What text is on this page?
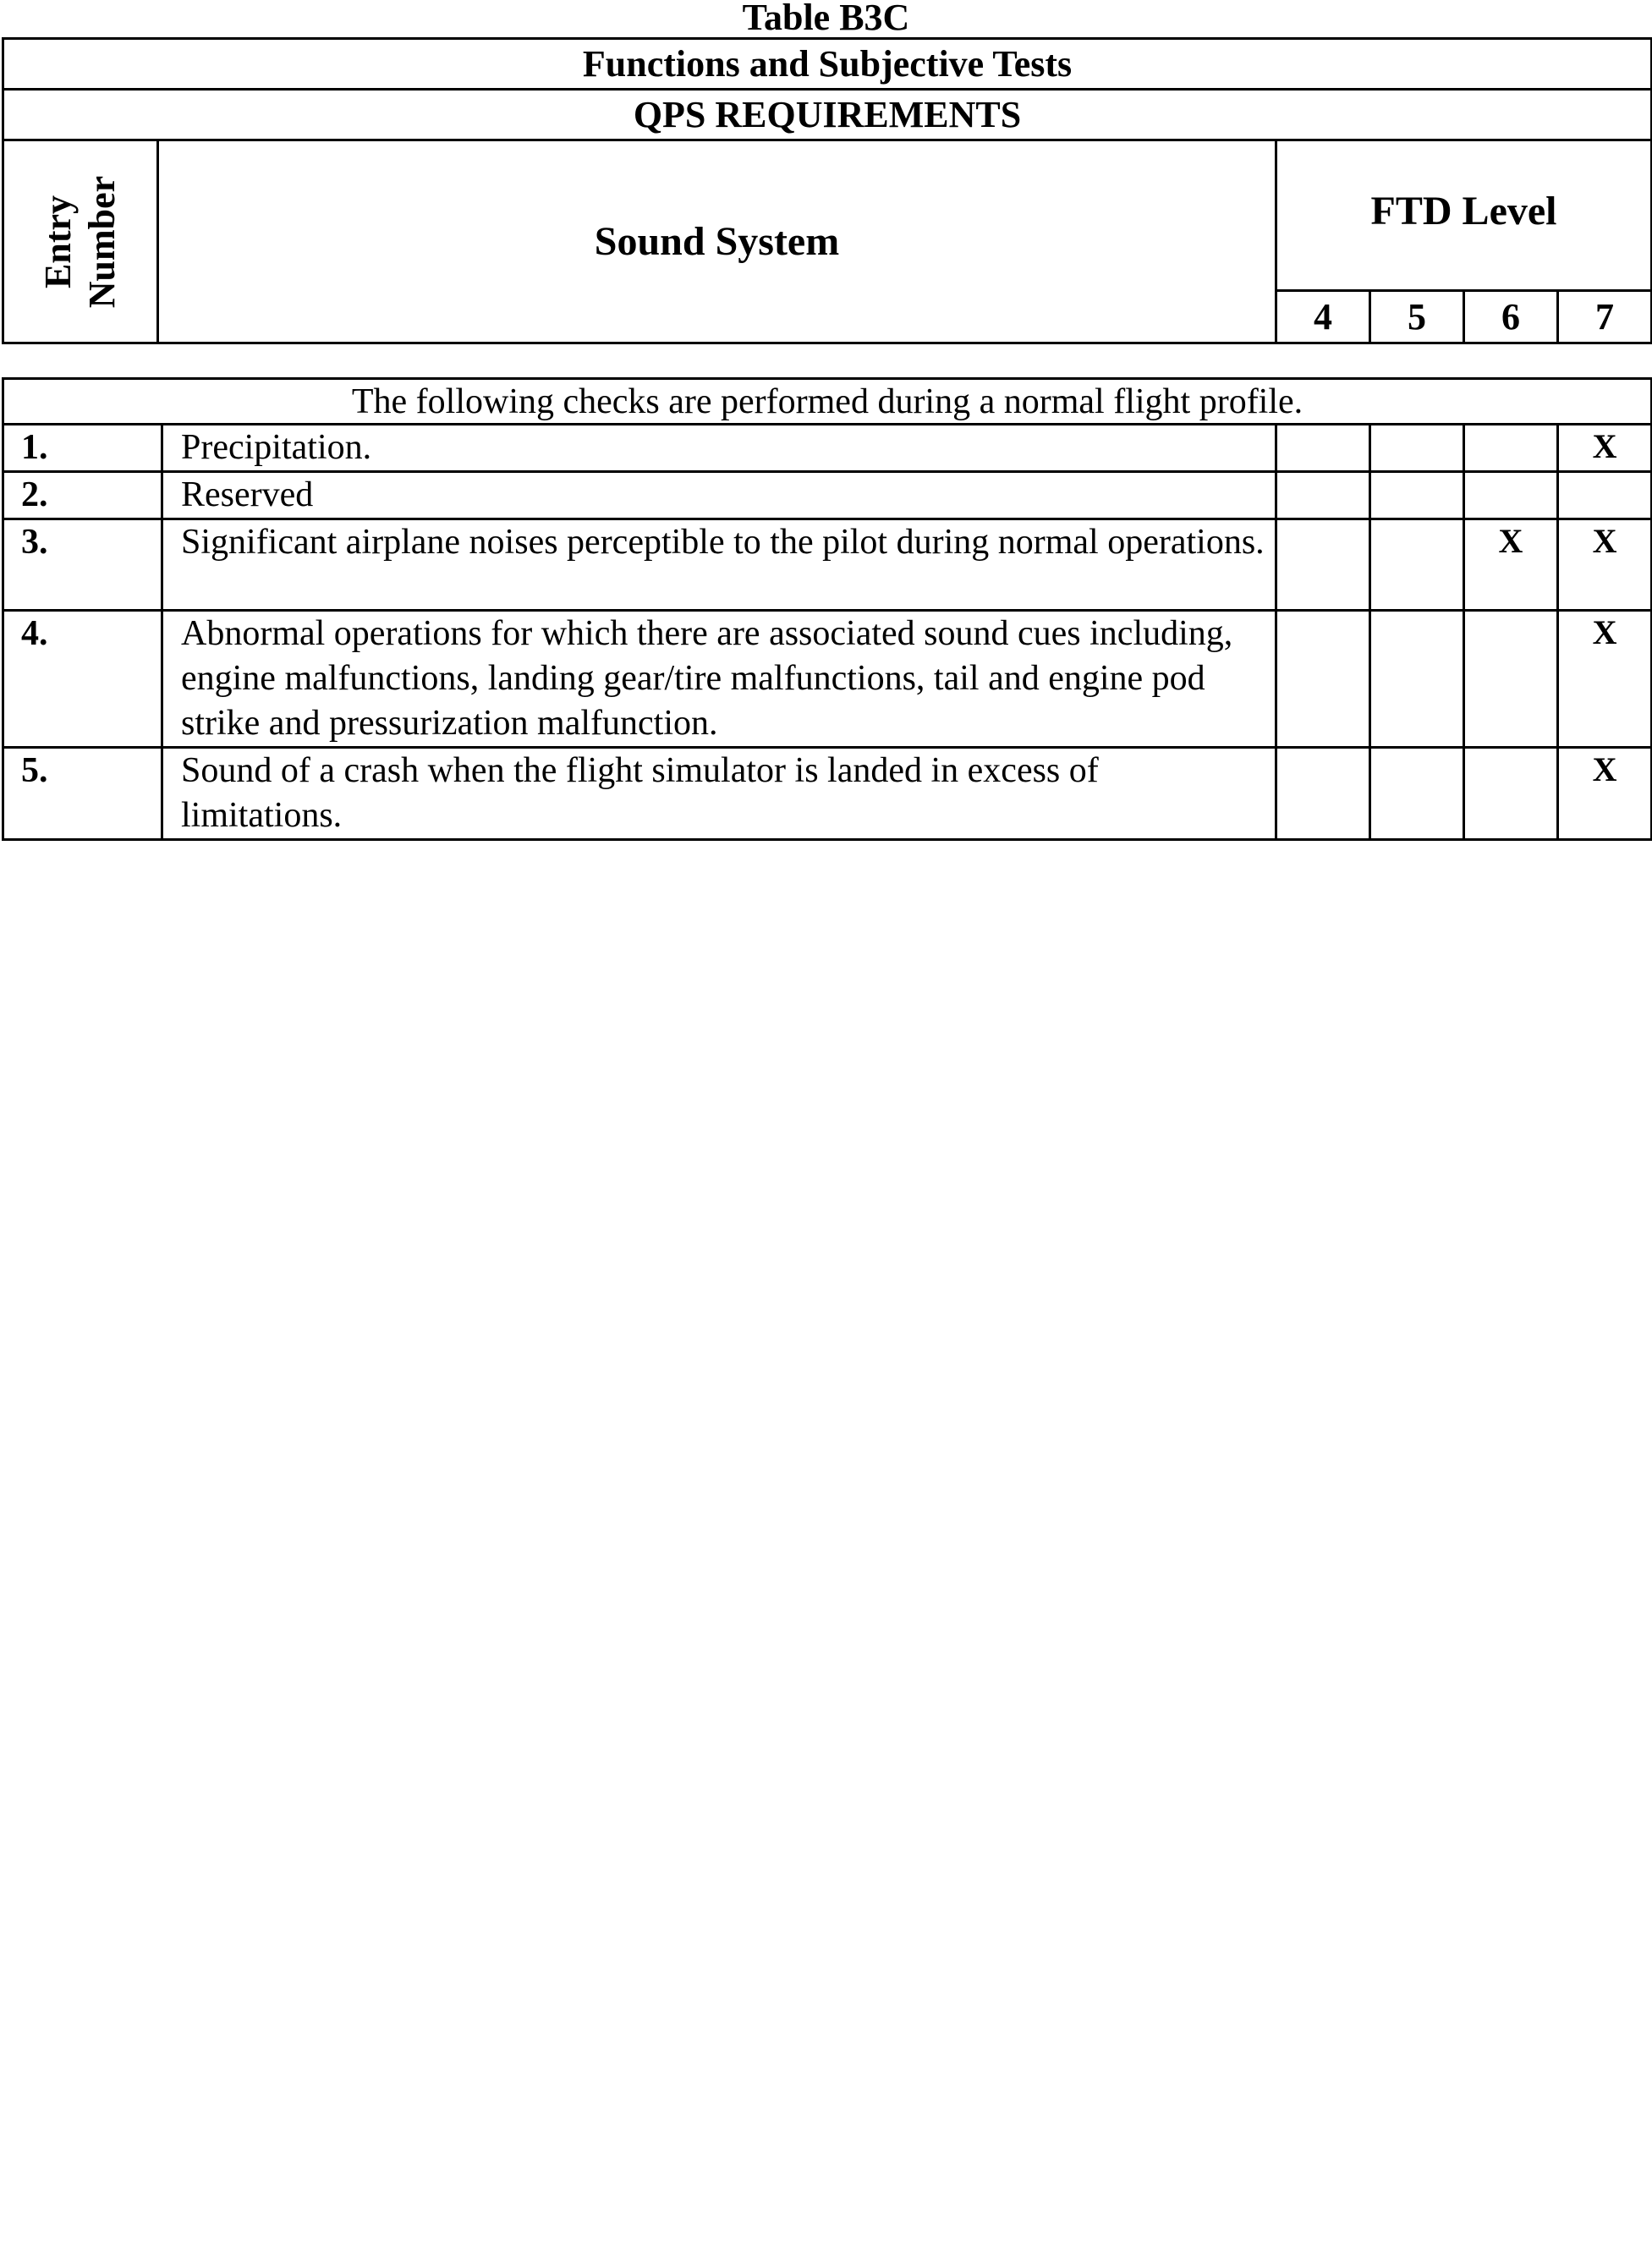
Table B3C
Functions and Subjective Tests					
QPS REQUIREMENTS					

Entry Number	Sound System	FTD Level			
		4	5	6	7
The following checks are performed during a normal flight profile.					
1.	Precipitation.				X
2.	Reserved				
3.	Significant airplane noises perceptible to the pilot during normal operations.			X	X
4.	Abnormal operations for which there are associated sound cues including, engine malfunctions, landing gear/tire malfunctions, tail and engine pod strike and pressurization malfunction.				X
5.	Sound of a crash when the flight simulator is landed in excess of limitations.				X
